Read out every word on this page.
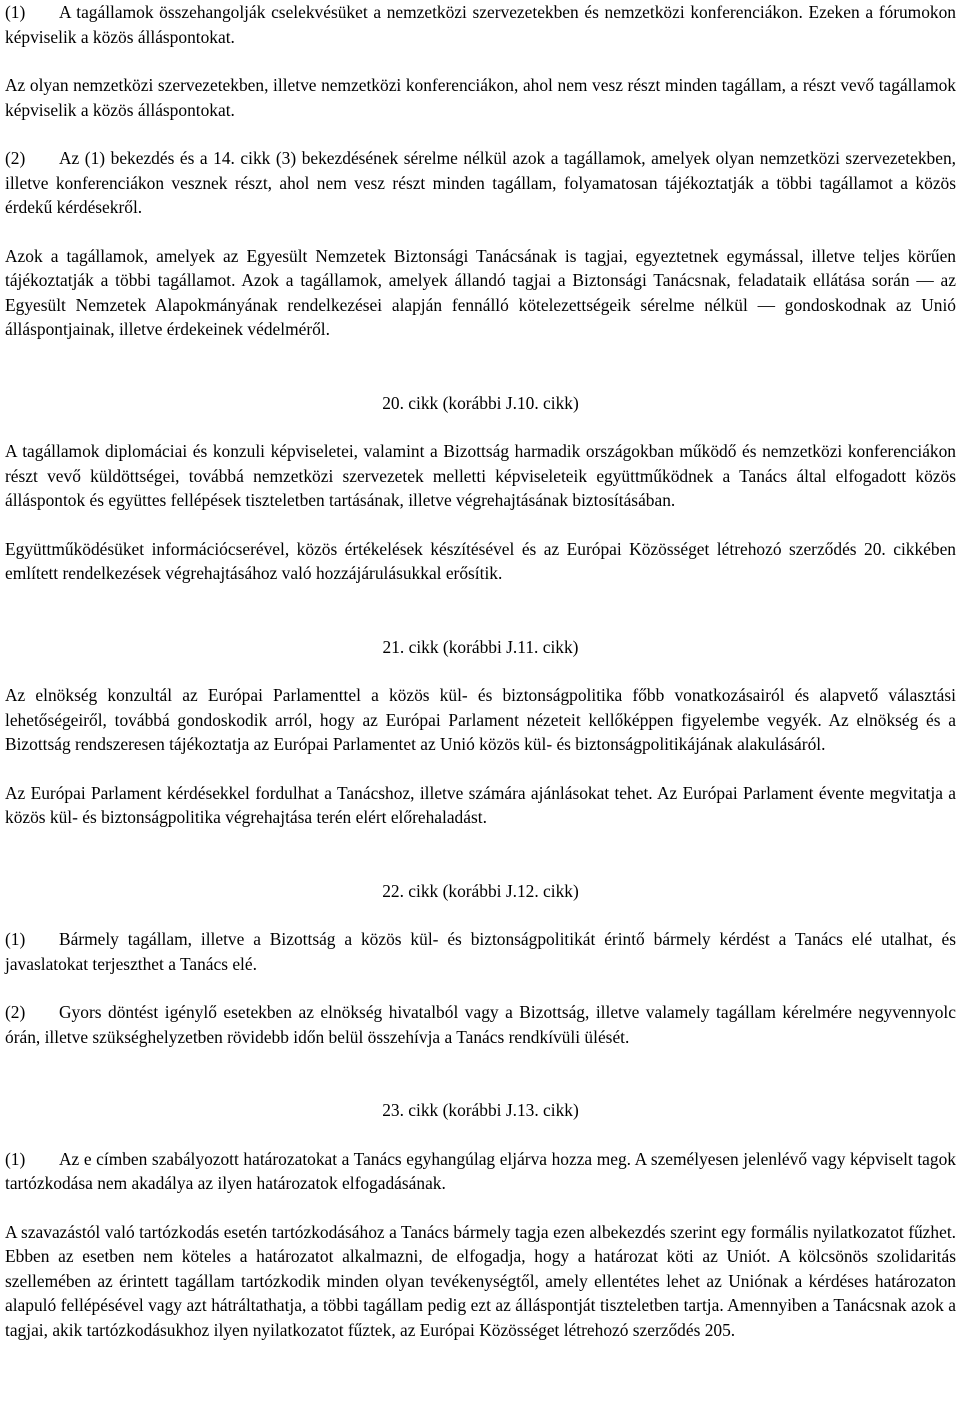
(1) A tagállamok összehangolják cselekvésüket a nemzetközi szervezetekben és nemzetközi konferenciákon. Ezeken a fórumokon képviselik a közös álláspontokat.

Az olyan nemzetközi szervezetekben, illetve nemzetközi konferenciákon, ahol nem vesz részt minden tagállam, a részt vevő tagállamok képviselik a közös álláspontokat.

(2) Az (1) bekezdés és a 14. cikk (3) bekezdésének sérelme nélkül azok a tagállamok, amelyek olyan nemzetközi szervezetekben, illetve konferenciákon vesznek részt, ahol nem vesz részt minden tagállam, folyamatosan tájékoztatják a többi tagállamot a közös érdekű kérdésekről.

Azok a tagállamok, amelyek az Egyesült Nemzetek Biztonsági Tanácsának is tagjai, egyeztetnek egymással, illetve teljes körűen tájékoztatják a többi tagállamot. Azok a tagállamok, amelyek állandó tagjai a Biztonsági Tanácsnak, feladataik ellátása során — az Egyesült Nemzetek Alapokmányának rendelkezései alapján fennálló kötelezettségeik sérelme nélkül — gondoskodnak az Unió álláspontjainak, illetve érdekeinek védelméről.

20. cikk (korábbi J.10. cikk)

A tagállamok diplomáciai és konzuli képviseletei, valamint a Bizottság harmadik országokban működő és nemzetközi konferenciákon részt vevő küldöttségei, továbbá nemzetközi szervezetek melletti képviseleteik együttműködnek a Tanács által elfogadott közös álláspontok és együttes fellépések tiszteletben tartásának, illetve végrehajtásának biztosításában.

Együttműködésüket információcserével, közös értékelések készítésével és az Európai Közösséget létrehozó szerződés 20. cikkében említett rendelkezések végrehajtásához való hozzájárulásukkal erősítik.

21. cikk (korábbi J.11. cikk)

Az elnökség konzultál az Európai Parlamenttel a közös kül- és biztonságpolitika főbb vonatkozásairól és alapvető választási lehetőségeiről, továbbá gondoskodik arról, hogy az Európai Parlament nézeteit kellőképpen figyelembe vegyék. Az elnökség és a Bizottság rendszeresen tájékoztatja az Európai Parlamentet az Unió közös kül- és biztonságpolitikájának alakulásáról.

Az Európai Parlament kérdésekkel fordulhat a Tanácshoz, illetve számára ajánlásokat tehet. Az Európai Parlament évente megvitatja a közös kül- és biztonságpolitika végrehajtása terén elért előrehaladást.

22. cikk (korábbi J.12. cikk)

(1) Bármely tagállam, illetve a Bizottság a közös kül- és biztonságpolitikát érintő bármely kérdést a Tanács elé utalhat, és javaslatokat terjeszthet a Tanács elé.

(2) Gyors döntést igénylő esetekben az elnökség hivatalból vagy a Bizottság, illetve valamely tagállam kérelmére negyvennyolc órán, illetve szükséghelyzetben rövidebb időn belül összehívja a Tanács rendkívüli ülését.

23. cikk (korábbi J.13. cikk)

(1) Az e címben szabályozott határozatokat a Tanács egyhangúlag eljárva hozza meg. A személyesen jelenlévő vagy képviselt tagok tartózkodása nem akadálya az ilyen határozatok elfogadásának.

A szavazástól való tartózkodás esetén tartózkodásához a Tanács bármely tagja ezen albekezdés szerint egy formális nyilatkozatot fűzhet. Ebben az esetben nem köteles a határozatot alkalmazni, de elfogadja, hogy a határozat köti az Uniót. A kölcsönös szolidaritás szellemében az érintett tagállam tartózkodik minden olyan tevékenységtől, amely ellentétes lehet az Uniónak a kérdéses határozaton alapuló fellépésével vagy azt hátráltathatja, a többi tagállam pedig ezt az álláspontját tiszteletben tartja. Amennyiben a Tanácsnak azok a tagjai, akik tartózkodásukhoz ilyen nyilatkozatot fűztek, az Európai Közösséget létrehozó szerződés 205.
